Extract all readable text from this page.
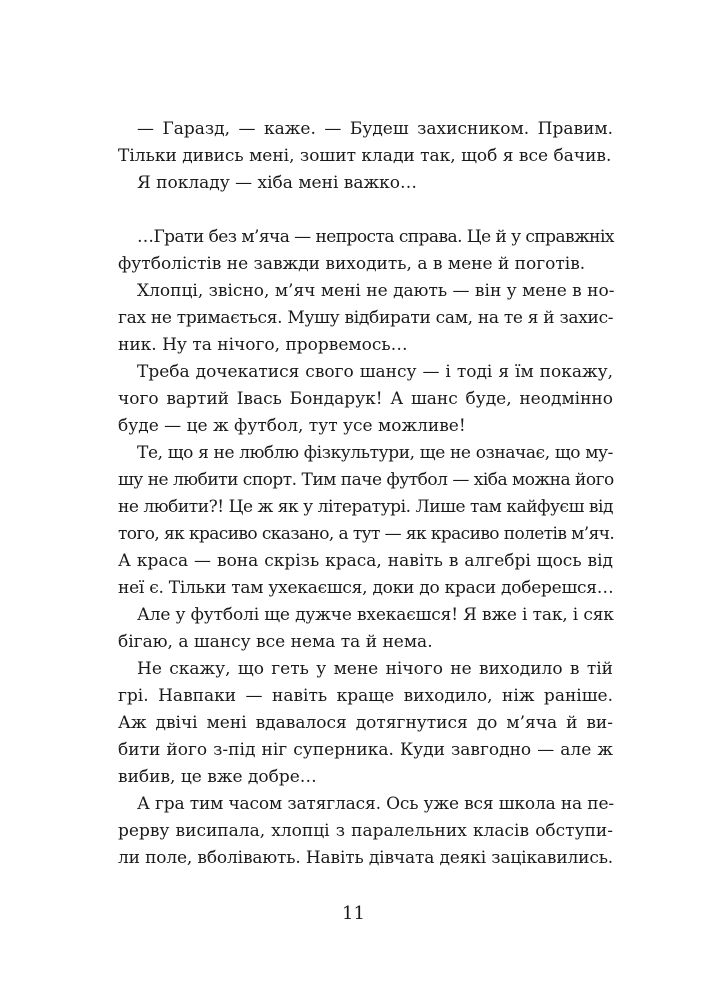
— Гаразд, — каже. — Будеш захисником. Правим.
Тільки дивись мені, зошит клади так, щоб я все бачив.
Я покладу — хіба мені важко…
…Грати без м’яча — непроста справа. Це й у справжніх
футболістів не завжди виходить, а в мене й поготів.
Хлопці, звісно, м’яч мені не дають — він у мене в но-
гах не тримається. Мушу відбирати сам, на те я й захис-
ник. Ну та нічого, прорвемось…
Треба дочекатися свого шансу — і тоді я їм покажу,
чого вартий Івась Бондарук! А шанс буде, неодмінно
буде — це ж футбол, тут усе можливе!
Те, що я не люблю фізкультури, ще не означає, що му-
шу не любити спорт. Тим паче футбол — хіба можна його
не любити?! Це ж як у літературі. Лише там кайфуєш від
того, як красиво сказано, а тут — як красиво полетів м’яч.
А краса — вона скрізь краса, навіть в алгебрі щось від
неї є. Тільки там ухекаєшся, доки до краси доберешся…
Але у футболі ще дужче вхекаєшся! Я вже і так, і сяк
бігаю, а шансу все нема та й нема.
Не скажу, що геть у мене нічого не виходило в тій
грі. Навпаки — навіть краще виходило, ніж раніше.
Аж двічі мені вдавалося дотягнутися до м’яча й ви-
бити його з-під ніг суперника. Куди завгодно — але ж
вибив, це вже добре…
А гра тим часом затяглася. Ось уже вся школа на пе-
рерву висипала, хлопці з паралельних класів обступи-
ли поле, вболівають. Навіть дівчата деякі зацікавились.
11
